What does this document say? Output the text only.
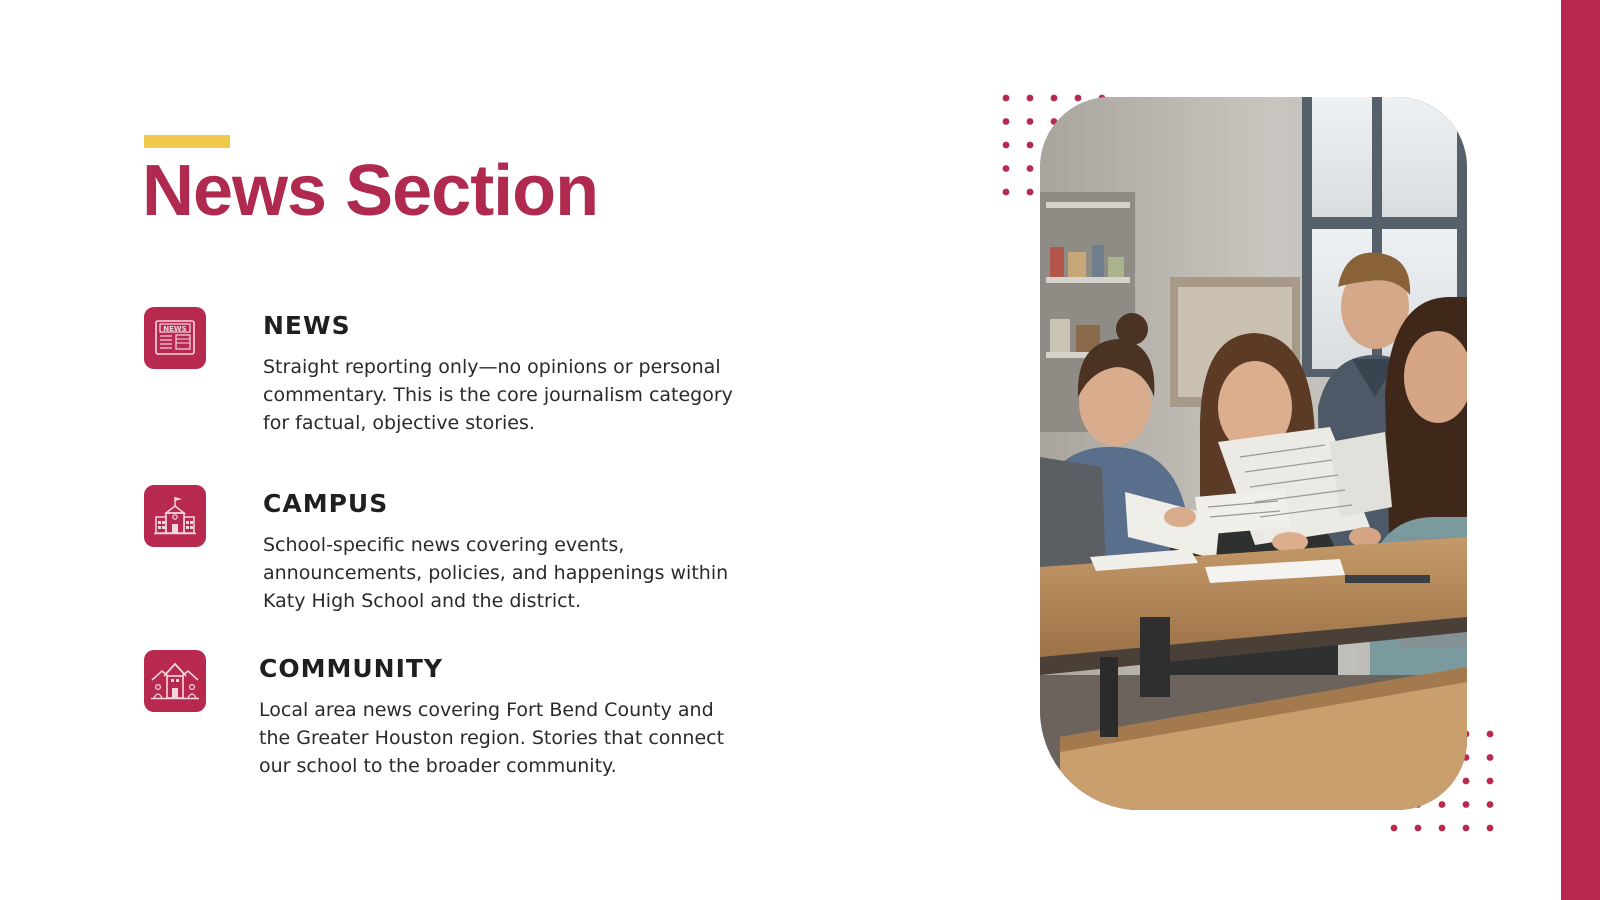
News Section
NEWS	NEWS

Straight reporting only—no opinions or personal commentary. This is the core journalism category for factual, objective stories.

CAMPUS

School-specific news covering events, announcements, policies, and happenings within Katy High School and the district.

COMMUNITY

Local area news covering Fort Bend County and the Greater Houston region. Stories that connect our school to the broader community.
